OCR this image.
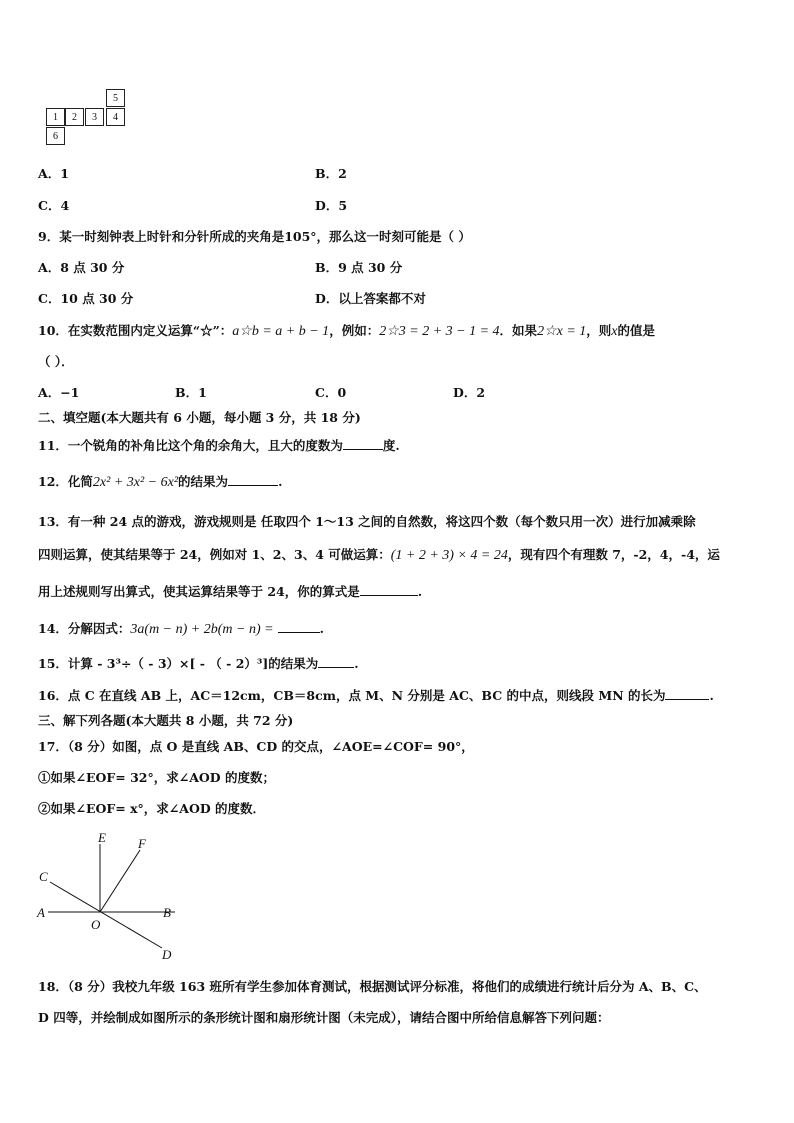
5
1	2	3	4
6
A．1	B．2
C．4	D．5
9．某一时刻钟表上时针和分针所成的夹角是105°，那么这一时刻可能是（ ）
A．8 点 30 分	B．9 点 30 分
C．10 点 30 分	D．以上答案都不对
10．在实数范围内定义运算“☆”：a☆b = a + b − 1，例如：2☆3 = 2 + 3 − 1 = 4．如果2☆x = 1，则x的值是
（ ）．
A．−1	B．1	C．0	D．2
二、填空题(本大题共有 6 小题，每小题 3 分，共 18 分)
11．一个锐角的补角比这个角的余角大，且大的度数为	度.
12．化简2x² + 3x² − 6x²的结果为	.
13．有一种 24 点的游戏，游戏规则是 任取四个 1～13 之间的自然数，将这四个数（每个数只用一次）进行加减乘除
四则运算，使其结果等于 24，例如对 1、2、3、4 可做运算：(1 + 2 + 3) × 4 = 24，现有四个有理数 7，-2，4，-4，运
用上述规则写出算式，使其运算结果等于 24，你的算式是	.
14．分解因式：3a(m − n) + 2b(m − n) =	.
15．计算 - 3³÷（ - 3）×[ - （ - 2）³]的结果为	.
16．点 C 在直线 AB 上，AC＝12cm，CB＝8cm，点 M、N 分别是 AC、BC 的中点，则线段 MN 的长为	.
三、解下列各题(本大题共 8 小题，共 72 分)
17．（8 分）如图，点 O 是直线 AB、CD 的交点，∠AOE=∠COF= 90°，
①如果∠EOF= 32°，求∠AOD 的度数；
②如果∠EOF= x°，求∠AOD 的度数．
E F
C
A
O
B
D
18．（8 分）我校九年级 163 班所有学生参加体育测试，根据测试评分标准，将他们的成绩进行统计后分为 A、B、C、
D 四等，并绘制成如图所示的条形统计图和扇形统计图（未完成），请结合图中所给信息解答下列问题：
